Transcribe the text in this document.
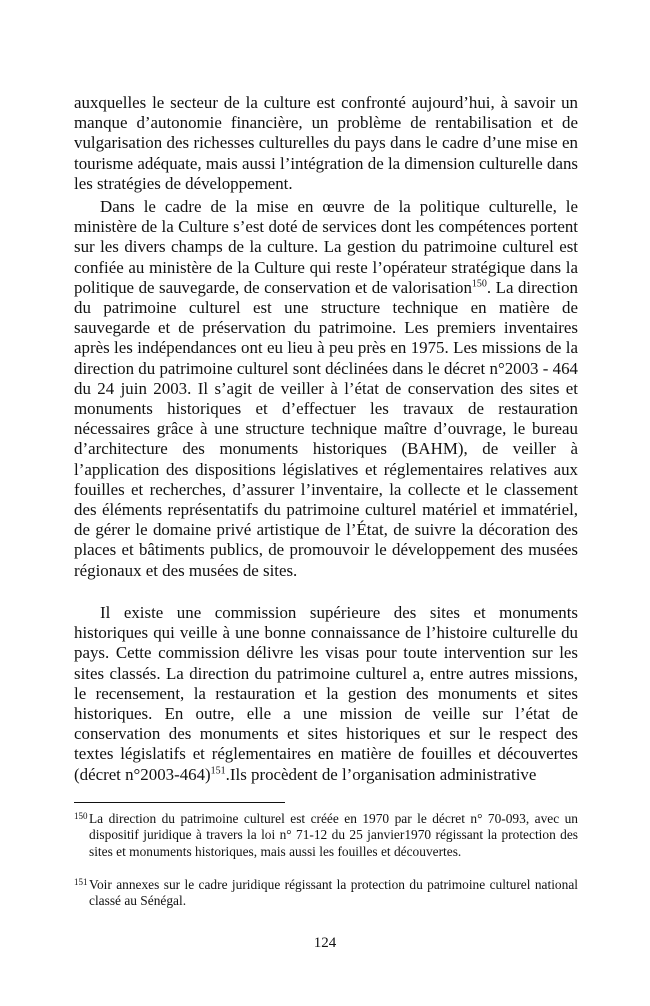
auxquelles le secteur de la culture est confronté aujourd’hui, à savoir un manque d’autonomie financière, un problème de rentabilisation et de vulgarisation des richesses culturelles du pays dans le cadre d’une mise en tourisme adéquate, mais aussi l’intégration de la dimension culturelle dans les stratégies de développement.

Dans le cadre de la mise en œuvre de la politique culturelle, le ministère de la Culture s’est doté de services dont les compétences portent sur les divers champs de la culture. La gestion du patrimoine culturel est confiée au ministère de la Culture qui reste l’opérateur stratégique dans la politique de sauvegarde, de conservation et de valorisation$^{150}$. La direction du patrimoine culturel est une structure technique en matière de sauvegarde et de préservation du patrimoine. Les premiers inventaires après les indépendances ont eu lieu à peu près en 1975. Les missions de la direction du patrimoine culturel sont déclinées dans le décret n°2003 - 464 du 24 juin 2003. Il s’agit de veiller à l’état de conservation des sites et monuments historiques et d’effectuer les travaux de restauration nécessaires grâce à une structure technique maître d’ouvrage, le bureau d’architecture des monuments historiques (BAHM), de veiller à l’application des dispositions législatives et réglementaires relatives aux fouilles et recherches, d’assurer l’inventaire, la collecte et le classement des éléments représentatifs du patrimoine culturel matériel et immatériel, de gérer le domaine privé artistique de l’État, de suivre la décoration des places et bâtiments publics, de promouvoir le développement des musées régionaux et des musées de sites.

Il existe une commission supérieure des sites et monuments historiques qui veille à une bonne connaissance de l’histoire culturelle du pays. Cette commission délivre les visas pour toute intervention sur les sites classés. La direction du patrimoine culturel a, entre autres missions, le recensement, la restauration et la gestion des monuments et sites historiques. En outre, elle a une mission de veille sur l’état de conservation des monuments et sites historiques et sur le respect des textes législatifs et réglementaires en matière de fouilles et découvertes (décret n°2003-464)$^{151}$.Ils procèdent de l’organisation administrative

150 La direction du patrimoine culturel est créée en 1970 par le décret n° 70-093, avec un dispositif juridique à travers la loi n° 71-12 du 25 janvier1970 régissant la protection des sites et monuments historiques, mais aussi les fouilles et découvertes.
151 Voir annexes sur le cadre juridique régissant la protection du patrimoine culturel national classé au Sénégal.
124
